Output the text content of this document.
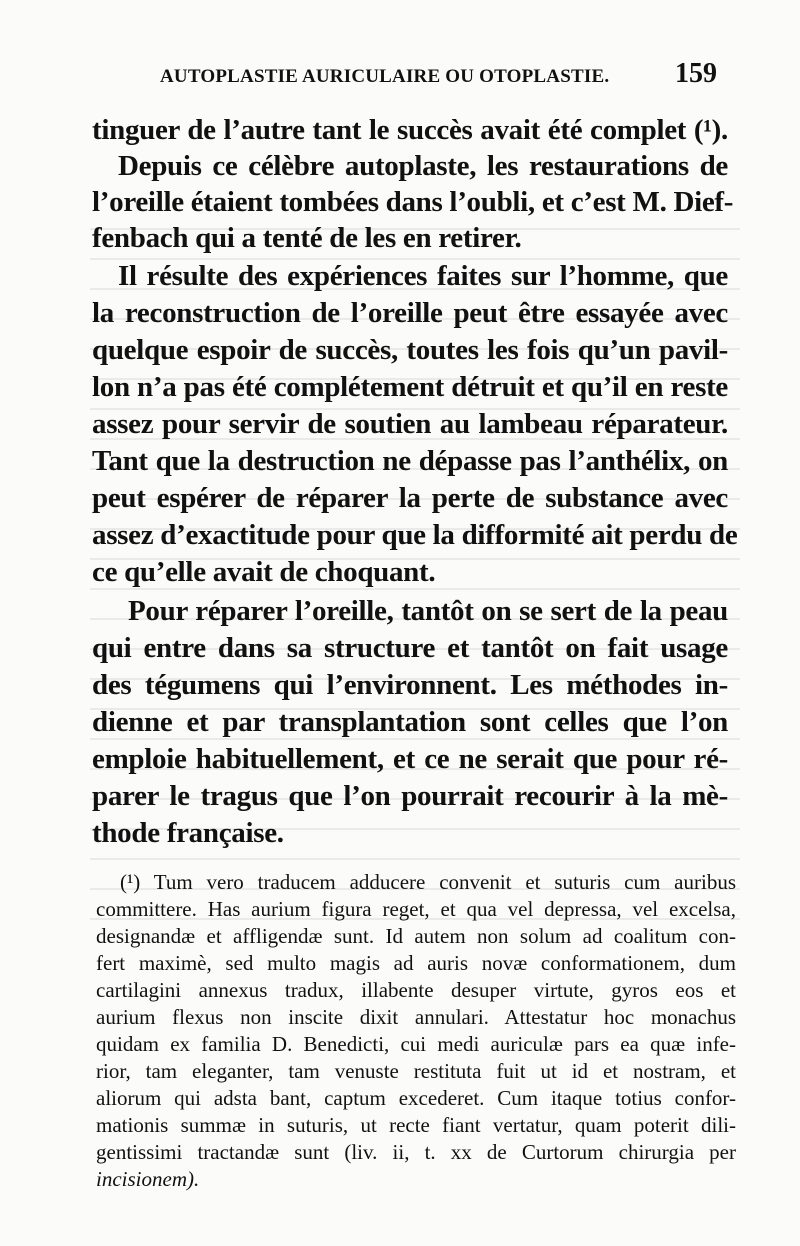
AUTOPLASTIE AURICULAIRE OU OTOPLASTIE. 159
tinguer de l’autre tant le succès avait été complet (¹).
Depuis ce célèbre autoplaste, les restaurations de
l’oreille étaient tombées dans l’oubli, et c’est M. Dief-
fenbach qui a tenté de les en retirer.
Il résulte des expériences faites sur l’homme, que
la reconstruction de l’oreille peut être essayée avec
quelque espoir de succès, toutes les fois qu’un pavil-
lon n’a pas été complétement détruit et qu’il en reste
assez pour servir de soutien au lambeau réparateur.
Tant que la destruction ne dépasse pas l’anthélix, on
peut espérer de réparer la perte de substance avec
assez d’exactitude pour que la difformité ait perdu de
ce qu’elle avait de choquant.
Pour réparer l’oreille, tantôt on se sert de la peau
qui entre dans sa structure et tantôt on fait usage
des tégumens qui l’environnent. Les méthodes in-
dienne et par transplantation sont celles que l’on
emploie habituellement, et ce ne serait que pour ré-
parer le tragus que l’on pourrait recourir à la mè-
thode française.
(¹) Tum vero traducem adducere convenit et suturis cum auribus
committere. Has aurium figura reget, et qua vel depressa, vel excelsa,
designandæ et affligendæ sunt. Id autem non solum ad coalitum con-
fert maximè, sed multo magis ad auris novæ conformationem, dum
cartilagini annexus tradux, illabente desuper virtute, gyros eos et
aurium flexus non inscite dixit annulari. Attestatur hoc monachus
quidam ex familia D. Benedicti, cui medi auriculæ pars ea quæ infe-
rior, tam eleganter, tam venuste restituta fuit ut id et nostram, et
aliorum qui adsta bant, captum excederet. Cum itaque totius confor-
mationis summæ in suturis, ut recte fiant vertatur, quam poterit dili-
gentissimi tractandæ sunt (liv. ii, t. xx de Curtorum chirurgia per
incisionem).
